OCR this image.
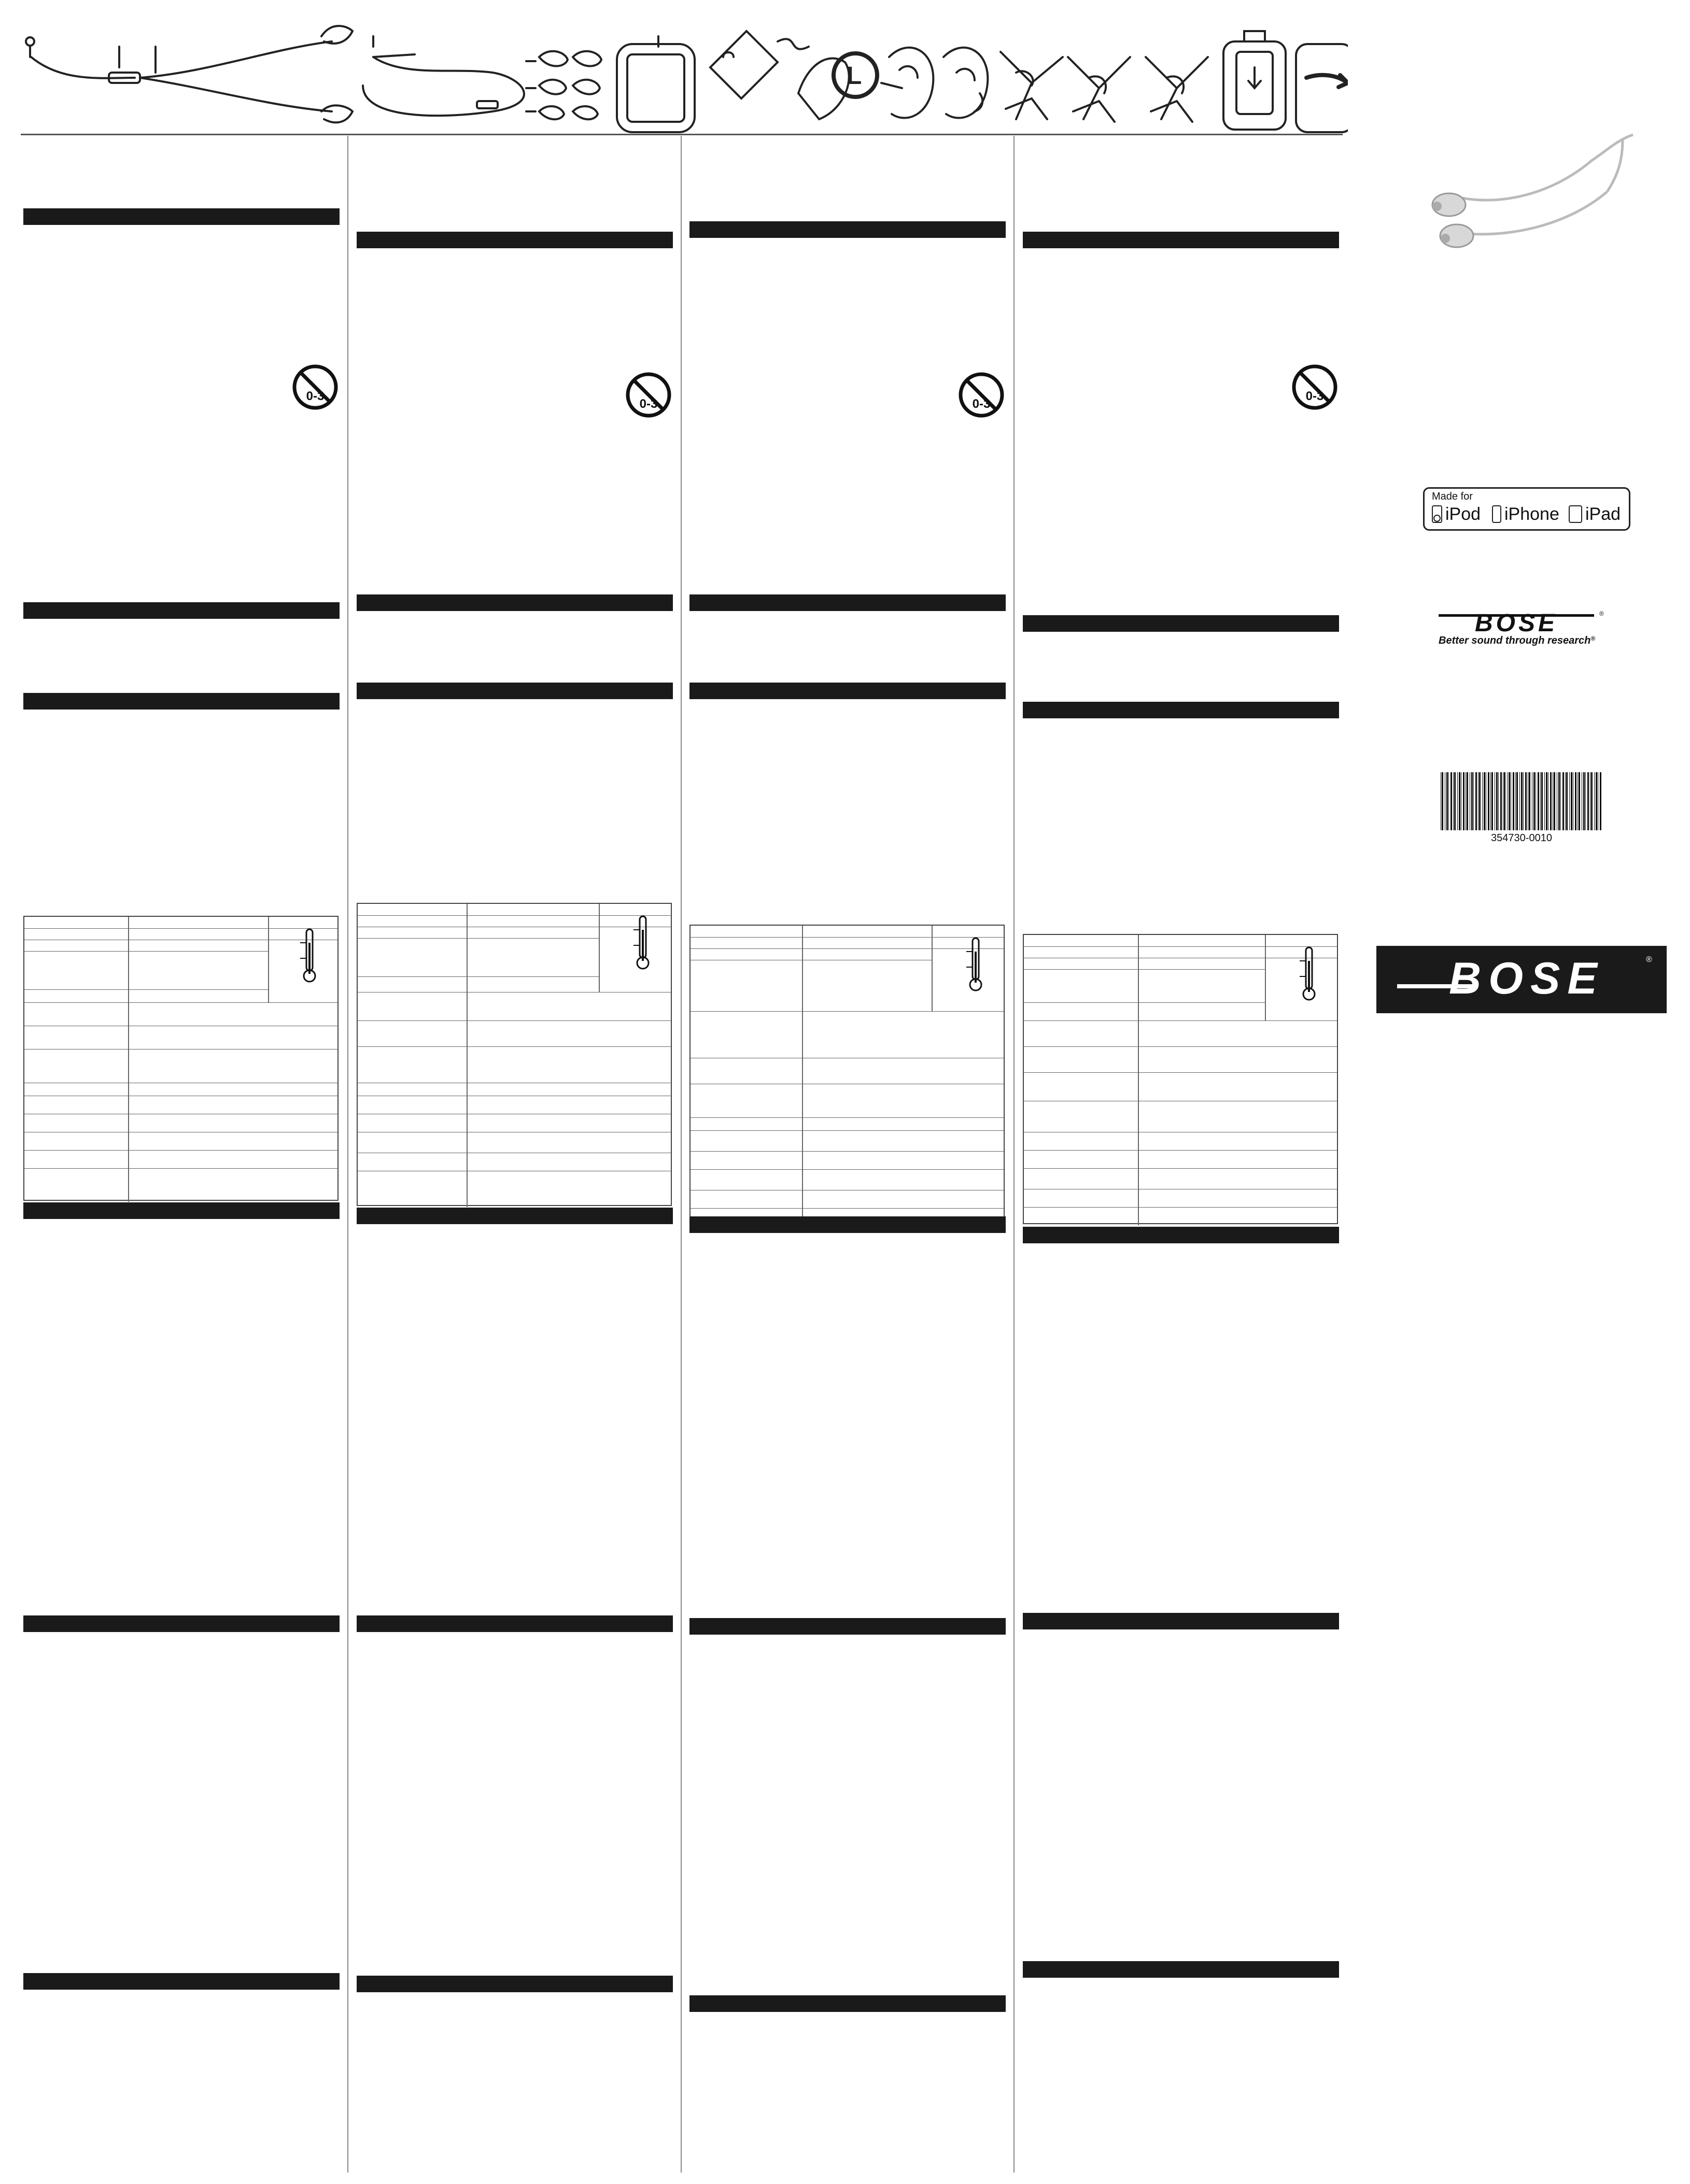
L
0-3
0-3	0-3
0-3
Made for
iPod iPhone iPad
BOSE	®
Better sound through research®
354730-0010
BOSE	®
